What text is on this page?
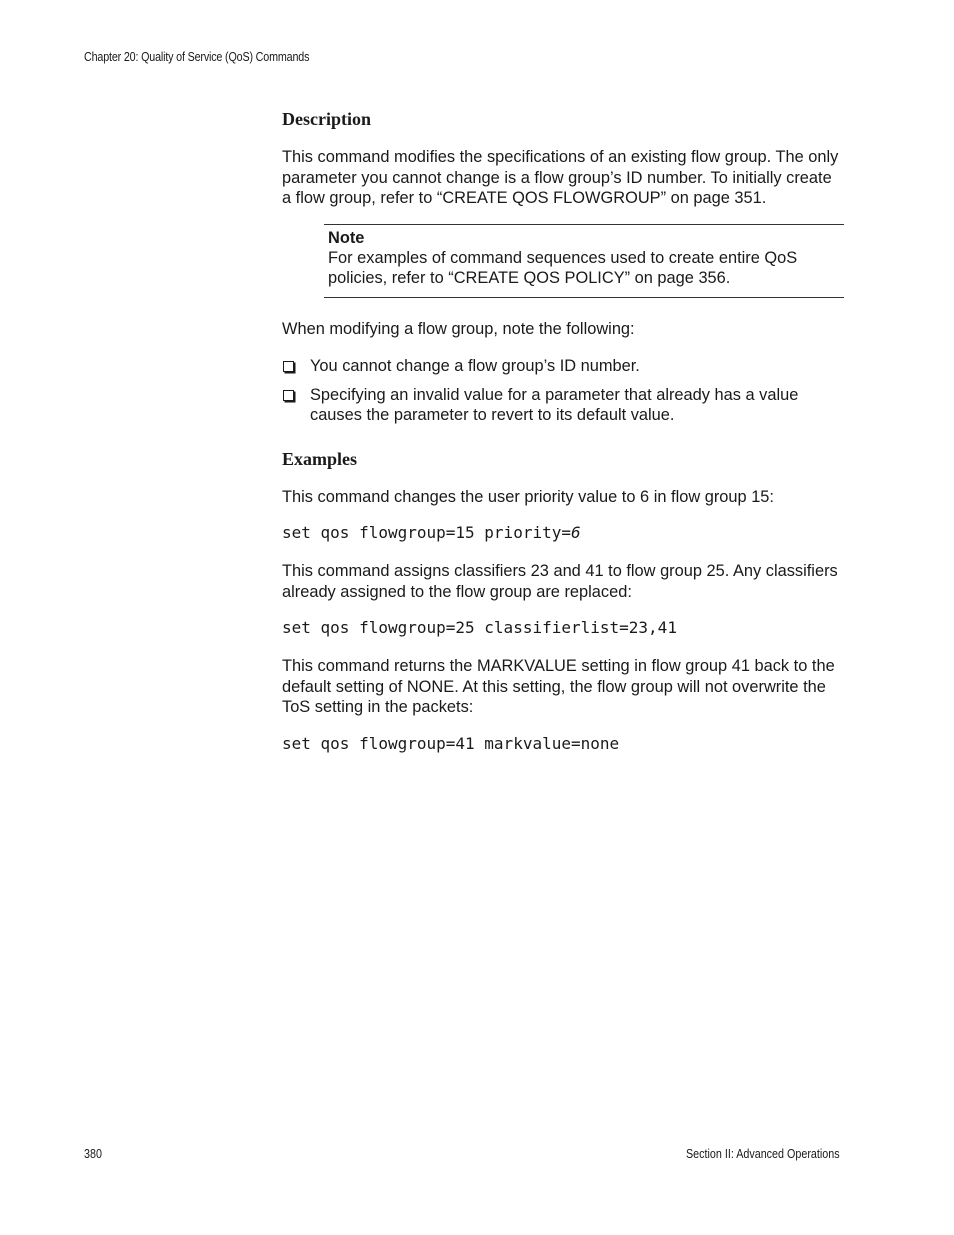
Chapter 20: Quality of Service (QoS) Commands
Description

This command modifies the specifications of an existing flow group. The only parameter you cannot change is a flow group’s ID number. To initially create a flow group, refer to “CREATE QOS FLOWGROUP” on page 351.

Note

For examples of command sequences used to create entire QoS policies, refer to “CREATE QOS POLICY” on page 356.

When modifying a flow group, note the following:

You cannot change a flow group’s ID number.
Specifying an invalid value for a parameter that already has a value causes the parameter to revert to its default value.
Examples

This command changes the user priority value to 6 in flow group 15:

set qos flowgroup=15 priority=6

This command assigns classifiers 23 and 41 to flow group 25. Any classifiers already assigned to the flow group are replaced:

set qos flowgroup=25 classifierlist=23,41

This command returns the MARKVALUE setting in flow group 41 back to the default setting of NONE. At this setting, the flow group will not overwrite the ToS setting in the packets:

set qos flowgroup=41 markvalue=none
380	Section II: Advanced Operations
